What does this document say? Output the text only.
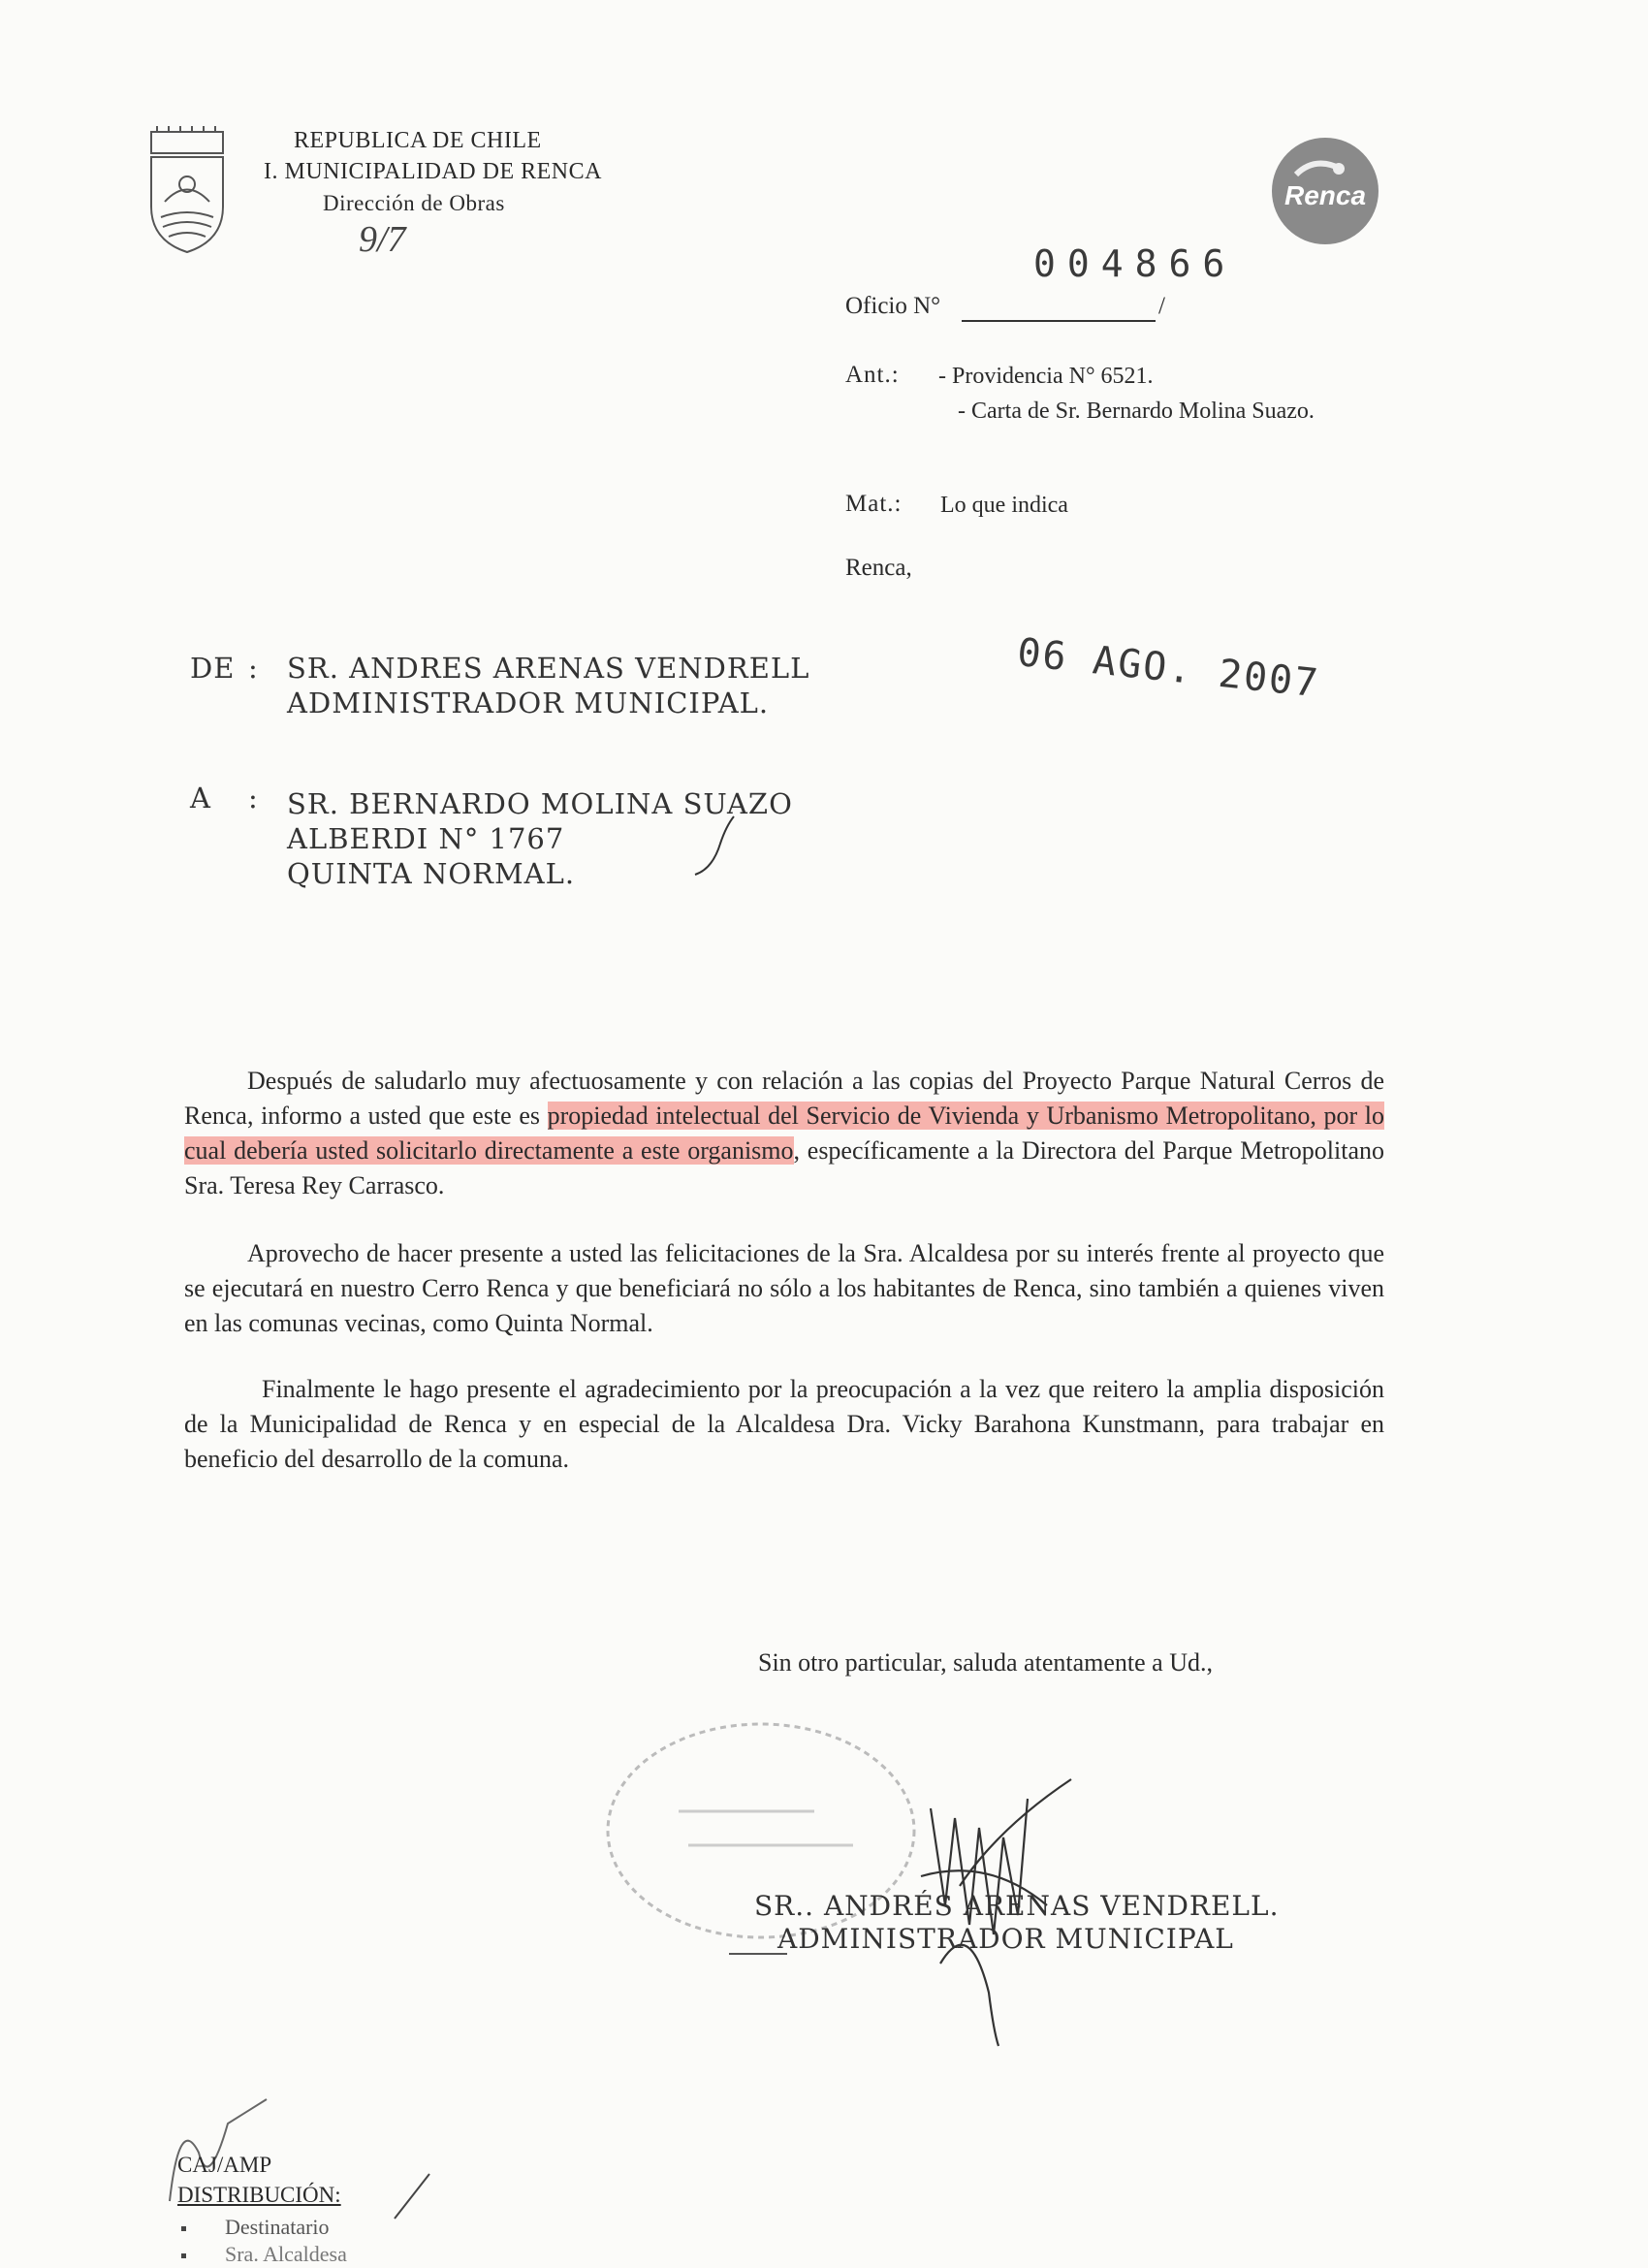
REPUBLICA DE CHILE
I. MUNICIPALIDAD DE RENCA
Dirección de Obras
9/7
Renca
004866
Oficio N°	/
Ant.: - Providencia N° 6521.
- Carta de Sr. Bernardo Molina Suazo.
Mat.: Lo que indica
Renca,
06 AGO. 2007
DE : SR. ANDRES ARENAS VENDRELL
ADMINISTRADOR MUNICIPAL.
A : SR. BERNARDO MOLINA SUAZO
ALBERDI N° 1767
QUINTA NORMAL.

Después de saludarlo muy afectuosamente y con relación a las copias del Proyecto Parque Natural Cerros de Renca, informo a usted que este es propiedad intelectual del Servicio de Vivienda y Urbanismo Metropolitano, por lo cual debería usted solicitarlo directamente a este organismo, específicamente a la Directora del Parque Metropolitano Sra. Teresa Rey Carrasco.

Aprovecho de hacer presente a usted las felicitaciones de la Sra. Alcaldesa por su interés frente al proyecto que se ejecutará en nuestro Cerro Renca y que beneficiará no sólo a los habitantes de Renca, sino también a quienes viven en las comunas vecinas, como Quinta Normal.

Finalmente le hago presente el agradecimiento por la preocupación a la vez que reitero la amplia disposición de la Municipalidad de Renca y en especial de la Alcaldesa Dra. Vicky Barahona Kunstmann, para trabajar en beneficio del desarrollo de la comuna.

Sin otro particular, saluda atentamente a Ud.,
SR.. ANDRÉS ARENAS VENDRELL.
ADMINISTRADOR MUNICIPAL
CAJ/AMP
DISTRIBUCIÓN:
Destinatario
Sra. Alcaldesa
